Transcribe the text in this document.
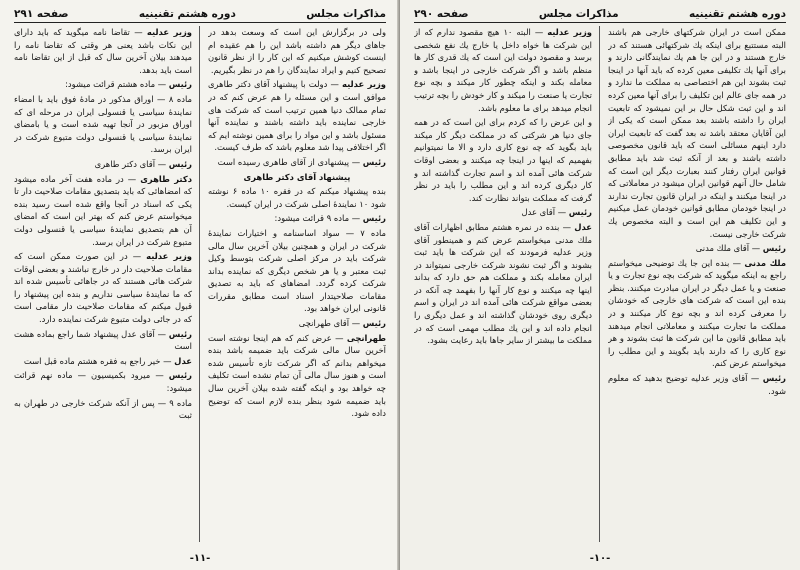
مذاکرات مجلس
دوره هشتم تقنینیه
صفحه ۲۹۱

ولی در برگزارش این است که وسعت بدهد در جاهای دیگر هم داشته باشد این را هم عقیده ام اینست کوشش میکنیم که این کار را از نظر قانون تصحیح کنیم و ایراد نمایندگان را هم در نظر بگیریم.

وزیر عدلیه — دولت با پیشنهاد آقای دکتر طاهری موافق است و این مسئله را هم عرض کنم که در تمام ممالک دنیا همین ترتیب است که شرکت های خارجی نماینده باید داشته باشند و نماینده آنها مسئول باشد و این مواد را برای همین نوشته ایم که اگر اختلافی پیدا شد معلوم باشد که طرف کیست.

رئیس — پیشنهادی از آقای طاهری رسیده است

پیشنهاد آقای دکتر طاهری

بنده پیشنهاد میکنم که در فقره ۱۰ ماده ۶ نوشته شود ۱۰ نمایندۀ اصلی شرکت در ایران کیست.

رئیس — ماده ۹ قرائت میشود:

ماده ۷ — سواد اساسنامه و اختیارات نمایندۀ شرکت در ایران و همچنین بیلان آخرین سال مالی شرکت باید در مرکز اصلی شرکت بتوسط وکیل ثبت معتبر و یا هر شخص دیگری که نماینده بداند شرکت کرده گردد. امضاهای که باید به تصدیق مقامات صلاحیتدار اسناد است مطابق مقررات قانونی ایران خواهد بود.

رئیس — آقای طهرانچی

طهرانچی — عرض کنم که هم اینجا نوشته است آخرین سال مالی شرکت باید ضمیمه باشد بنده میخواهم بدانم که اگر شرکت تازه تأسیس شده است و هنوز سال مالی آن تمام نشده است تکلیف چه خواهد بود و اینکه گفته شده بیلان آخرین سال باید ضمیمه شود بنظر بنده لازم است که توضیح داده شود.

وزیر عدلیه — تقاضا نامه میگوید که باید دارای این نکات باشد یعنی هر وقتی که تقاضا نامه را میدهند بیلان آخرین سال که قبل از این تقاضا نامه است باید بدهد.

رئیس — ماده هشتم قرائت میشود:

ماده ۸ — اوراق مذکور در مادۀ فوق باید با امضاء نمایندۀ سیاسی یا قنسولی ایران در مرحله ای که اوراق مزبور در آنجا تهیه شده است و یا بامضای نمایندۀ سیاسی یا قنسولی دولت متبوع شرکت در ایران برسد.

رئیس — آقای دکتر طاهری

دکتر طاهری — در ماده هفت آخر ماده میشود که امضاهائی که باید بتصدیق مقامات صلاحیت دار تا یکی که اسناد در آنجا واقع شده است رسید بنده میخواستم عرض کنم که بهتر این است که امضای آن هم بتصدیق نمایندۀ سیاسی یا قنسولی دولت متبوع شرکت در ایران برسد.

وزیر عدلیه — در این صورت ممکن است که مقامات صلاحیت دار در خارج نباشند و بعضی اوقات شرکت هائی هستند که در جاهائی تأسیس شده اند که ما نمایندۀ سیاسی نداریم و بنده این پیشنهاد را قبول میکنم که مقامات صلاحیت دار مقامی است که در جائی دولت متبوع شرکت نماینده دارد.

رئیس — آقای عدل پیشنهاد شما راجع بماده هشت است

عدل — خیر راجع به فقره هشتم ماده قبل است

رئیس — میرود بکمیسیون — ماده نهم قرائت میشود:

ماده ۹ — پس از آنکه شرکت خارجی در طهران به ثبت

-۱۱-
دوره هشتم تقنینیه
مذاکرات مجلس
صفحه ۲۹۰

ممکن است در ایران شرکتهای خارجی هم باشند البته مستتبع برای اینکه یك شرکتهائی هستند که در خارج هستند و در این جا هم یك نمایندگانی دارند و برای آنها یك تکلیفی معین کرده که باید آنها در اینجا ثبت بشوند این هم اختصاصی به مملکت ما ندارد و در همه جای عالم این تکلیف را برای آنها معین کرده اند و این ثبت شکل حال بر این نمیشود که تابعیت ایران را داشته باشند بعد ممکن است که یکی از این آقایان معتقد باشد نه بعد گفت که تابعیت ایران دارد اینهم مسائلی است که باید قانون مخصوصی داشته باشند و بعد از آنکه ثبت شد باید مطابق قوانین ایران رفتار کنند بعبارت دیگر این است که شامل حال آنهم قوانین ایران میشود در معاملاتی که در اینجا میکنند و اینکه در ایران قانون تجارت ندارند در اینجا خودمان مطابق قوانین خودمان عمل میکنیم و این تکلیف هم این است و البته مخصوص یك شرکت خارجی نیست.

رئیس — آقای ملك مدنی

ملك مدنی — بنده این جا یك توضیحی میخواستم راجع به اینکه میگوید که شرکت بچه نوع تجارت و یا صنعت و یا عمل دیگر در ایران مبادرت میکنند. بنظر بنده این است که شرکت های خارجی که خودشان را معرفی کرده اند و بچه نوع کار میکنند و در مملکت ما تجارت میکنند و معاملاتی انجام میدهند باید مطابق قانون ما این شرکت ها ثبت بشوند و هر نوع کاری را که دارند باید بگویند و این مطلب را میخواستم عرض کنم.

رئیس — آقای وزیر عدلیه توضیح بدهید که معلوم شود.

وزیر عدلیه — البته ۱۰ هیچ مقصود ندارم که از این شرکت ها خواه داخل یا خارج یك نفع شخصی برسد و مقصود دولت این است که یك قدری کار ها منظم باشد و اگر شرکت خارجی در اینجا باشد و معامله بکند و اینکه چطور کار میکند و بچه نوع تجارت یا صنعت را میکند و کار خودش را بچه ترتیب انجام میدهد برای ما معلوم باشد.

و این عرض را که کردم برای این است که در همه جای دنیا هر شرکتی که در مملکت دیگر کار میکند باید بگوید که چه نوع کاری دارد و الا ما نمیتوانیم بفهمیم که اینها در اینجا چه میکنند و بعضی اوقات شرکت هائی آمده اند و اسم تجارت گذاشته اند و کار دیگری کرده اند و این مطلب را باید در نظر گرفت که مملکت بتواند نظارت کند.

رئیس — آقای عدل

عدل — بنده در نمره هشتم مطابق اظهارات آقای ملك مدنی میخواستم عرض کنم و همینطور آقای وزیر عدلیه فرمودند که این شرکت ها باید ثبت بشوند و اگر ثبت نشوند شرکت خارجی نمیتواند در ایران معامله بکند و مملکت هم حق دارد که بداند اینها چه میکنند و نوع کار آنها را بفهمد چه آنکه در بعضی مواقع شرکت هائی آمده اند در ایران و اسم دیگری روی خودشان گذاشته اند و عمل دیگری را انجام داده اند و این یك مطلب مهمی است که در مملکت ما بیشتر از سایر جاها باید رعایت بشود.

-۱۰-
